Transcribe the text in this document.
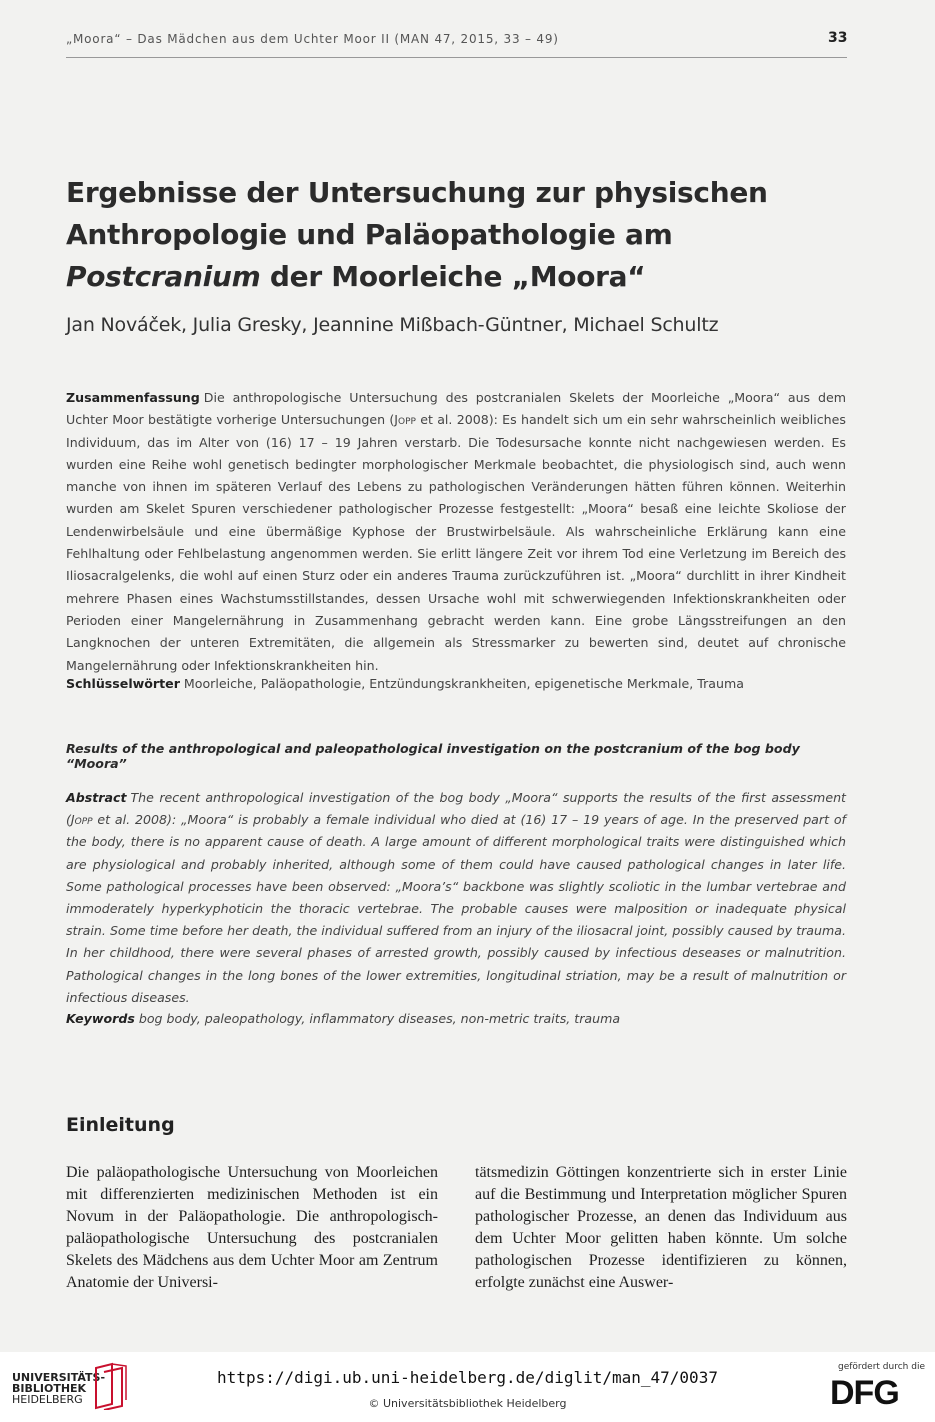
„Moora“ – Das Mädchen aus dem Uchter Moor II (MAN 47, 2015, 33 – 49)	33
Ergebnisse der Untersuchung zur physischen
Anthropologie und Paläopathologie am
Postcranium der Moorleiche „Moora“
Jan Nováček, Julia Gresky, Jeannine Mißbach-Güntner, Michael Schultz
Zusammenfassung Die anthropologische Untersuchung des postcranialen Skelets der Moorleiche „Moora“ aus dem Uchter Moor bestätigte vorherige Untersuchungen (Jopp et al. 2008): Es handelt sich um ein sehr wahrscheinlich weibliches Individuum, das im Alter von (16) 17 – 19 Jahren verstarb. Die Todesursache konnte nicht nachgewiesen werden. Es wurden eine Reihe wohl genetisch bedingter morphologischer Merkmale beobachtet, die physiologisch sind, auch wenn manche von ihnen im späteren Verlauf des Lebens zu pathologischen Veränderungen hätten führen können. Weiterhin wurden am Skelet Spuren verschiedener pathologischer Prozesse festgestellt: „Moora“ besaß eine leichte Skoliose der Lendenwirbelsäule und eine übermäßige Kyphose der Brustwirbelsäule. Als wahrscheinliche Erklärung kann eine Fehlhaltung oder Fehlbelastung angenommen werden. Sie erlitt längere Zeit vor ihrem Tod eine Verletzung im Bereich des Iliosacralgelenks, die wohl auf einen Sturz oder ein anderes Trauma zurückzuführen ist. „Moora“ durchlitt in ihrer Kindheit mehrere Phasen eines Wachstumsstillstandes, dessen Ursache wohl mit schwerwiegenden Infektionskrankheiten oder Perioden einer Mangelernährung in Zusammenhang gebracht werden kann. Eine grobe Längsstreifungen an den Langknochen der unteren Extremitäten, die allgemein als Stressmarker zu bewerten sind, deutet auf chronische Mangelernährung oder Infektionskrankheiten hin.
Schlüsselwörter Moorleiche, Paläopathologie, Entzündungskrankheiten, epigenetische Merkmale, Trauma
Results of the anthropological and paleopathological investigation on the postcranium of the bog body “Moora”
Abstract The recent anthropological investigation of the bog body „Moora“ supports the results of the first assessment (Jopp et al. 2008): „Moora“ is probably a female individual who died at (16) 17 – 19 years of age. In the preserved part of the body, there is no apparent cause of death. A large amount of different morphological traits were distinguished which are physiological and probably inherited, although some of them could have caused pathological changes in later life. Some pathological processes have been observed: „Moora’s“ backbone was slightly scoliotic in the lumbar vertebrae and immoderately hyperkyphoticin the thoracic vertebrae. The probable causes were malposition or inadequate physical strain. Some time before her death, the individual suffered from an injury of the iliosacral joint, possibly caused by trauma. In her childhood, there were several phases of arrested growth, possibly caused by infectious deseases or malnutrition. Pathological changes in the long bones of the lower extremities, longitudinal striation, may be a result of malnutrition or infectious diseases.
Keywords bog body, paleopathology, inflammatory diseases, non-metric traits, trauma
Einleitung
Die paläopathologische Untersuchung von Moorleichen mit differenzierten medizinischen Methoden ist ein Novum in der Paläopathologie. Die anthropologisch-paläopathologische Untersuchung des postcranialen Skelets des Mädchens aus dem Uchter Moor am Zentrum Anatomie der Universi-
tätsmedizin Göttingen konzentrierte sich in erster Linie auf die Bestimmung und Interpretation möglicher Spuren pathologischer Prozesse, an denen das Individuum aus dem Uchter Moor gelitten haben könnte. Um solche pathologischen Prozesse identifizieren zu können, erfolgte zunächst eine Auswer-
UNIVERSITÄTS-
BIBLIOTHEK
HEIDELBERG
https://digi.ub.uni-heidelberg.de/diglit/man_47/0037
© Universitätsbibliothek Heidelberg
gefördert durch die
DFG
